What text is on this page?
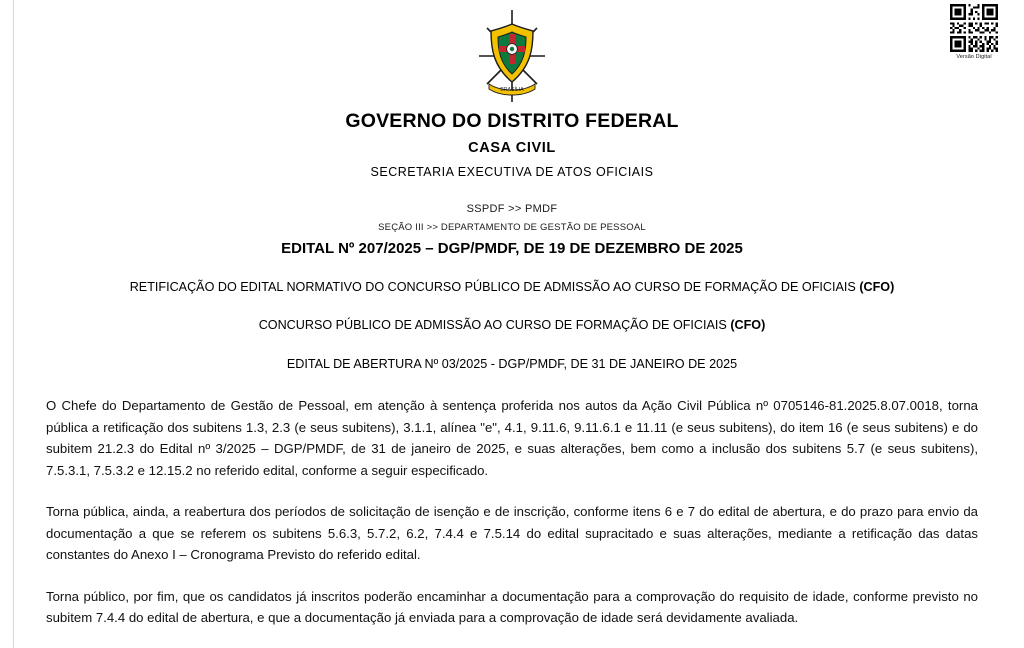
Versão Digital
BRASÍLIA
GOVERNO DO DISTRITO FEDERAL
CASA CIVIL
SECRETARIA EXECUTIVA DE ATOS OFICIAIS
SSPDF >> PMDF
SEÇÃO III >> DEPARTAMENTO DE GESTÃO DE PESSOAL
EDITAL Nº 207/2025 – DGP/PMDF, DE 19 DE DEZEMBRO DE 2025
RETIFICAÇÃO DO EDITAL NORMATIVO DO CONCURSO PÚBLICO DE ADMISSÃO AO CURSO DE FORMAÇÃO DE OFICIAIS (CFO)
CONCURSO PÚBLICO DE ADMISSÃO AO CURSO DE FORMAÇÃO DE OFICIAIS (CFO)
EDITAL DE ABERTURA Nº 03/2025 - DGP/PMDF, DE 31 DE JANEIRO DE 2025
O Chefe do Departamento de Gestão de Pessoal, em atenção à sentença proferida nos autos da Ação Civil Pública nº 0705146-81.2025.8.07.0018, torna pública a retificação dos subitens 1.3, 2.3 (e seus subitens), 3.1.1, alínea "e", 4.1, 9.11.6, 9.11.6.1 e 11.11 (e seus subitens), do item 16 (e seus subitens) e do subitem 21.2.3 do Edital nº 3/2025 – DGP/PMDF, de 31 de janeiro de 2025, e suas alterações, bem como a inclusão dos subitens 5.7 (e seus subitens), 7.5.3.1, 7.5.3.2 e 12.15.2 no referido edital, conforme a seguir especificado.
Torna pública, ainda, a reabertura dos períodos de solicitação de isenção e de inscrição, conforme itens 6 e 7 do edital de abertura, e do prazo para envio da documentação a que se referem os subitens 5.6.3, 5.7.2, 6.2, 7.4.4 e 7.5.14 do edital supracitado e suas alterações, mediante a retificação das datas constantes do Anexo I – Cronograma Previsto do referido edital.
Torna público, por fim, que os candidatos já inscritos poderão encaminhar a documentação para a comprovação do requisito de idade, conforme previsto no subitem 7.4.4 do edital de abertura, e que a documentação já enviada para a comprovação de idade será devidamente avaliada.
